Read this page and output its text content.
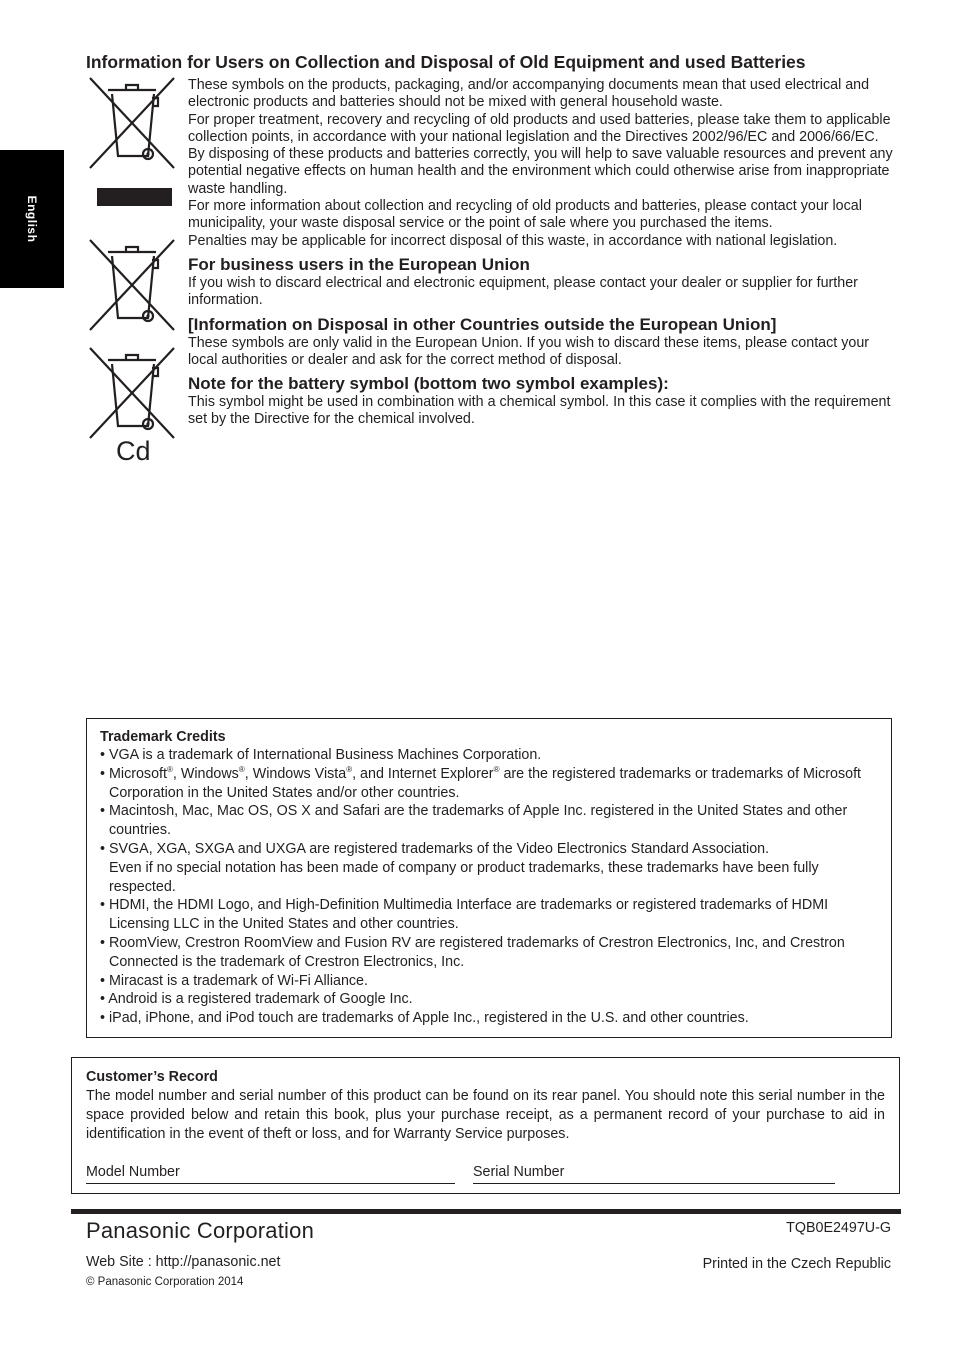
English
Information for Users on Collection and Disposal of Old Equipment and used Batteries
Cd

These symbols on the products, packaging, and/or accompanying documents mean that used electrical and electronic products and batteries should not be mixed with general household waste.

For proper treatment, recovery and recycling of old products and used batteries, please take them to applicable collection points, in accordance with your national legislation and the Directives 2002/96/EC and 2006/66/EC.

By disposing of these products and batteries correctly, you will help to save valuable resources and prevent any potential negative effects on human health and the environment which could otherwise arise from inappropriate waste handling.

For more information about collection and recycling of old products and batteries, please contact your local municipality, your waste disposal service or the point of sale where you purchased the items.

Penalties may be applicable for incorrect disposal of this waste, in accordance with national legislation.

For business users in the European Union

If you wish to discard electrical and electronic equipment, please contact your dealer or supplier for further information.

[Information on Disposal in other Countries outside the European Union]

These symbols are only valid in the European Union. If you wish to discard these items, please contact your local authorities or dealer and ask for the correct method of disposal.

Note for the battery symbol (bottom two symbol examples):

This symbol might be used in combination with a chemical symbol. In this case it complies with the requirement set by the Directive for the chemical involved.

Trademark Credits

• VGA is a trademark of International Business Machines Corporation.
• Microsoft®, Windows®, Windows Vista®, and Internet Explorer® are the registered trademarks or trademarks of Microsoft Corporation in the United States and/or other countries.
• Macintosh, Mac, Mac OS, OS X and Safari are the trademarks of Apple Inc. registered in the United States and other countries.
• SVGA, XGA, SXGA and UXGA are registered trademarks of the Video Electronics Standard Association.
Even if no special notation has been made of company or product trademarks, these trademarks have been fully respected.
• HDMI, the HDMI Logo, and High-Definition Multimedia Interface are trademarks or registered trademarks of HDMI Licensing LLC in the United States and other countries.
• RoomView, Crestron RoomView and Fusion RV are registered trademarks of Crestron Electronics, Inc, and Crestron Connected is the trademark of Crestron Electronics, Inc.
• Miracast is a trademark of Wi-Fi Alliance.
• Android is a registered trademark of Google Inc.
• iPad, iPhone, and iPod touch are trademarks of Apple Inc., registered in the U.S. and other countries.

Customer’s Record

The model number and serial number of this product can be found on its rear panel. You should note this serial number in the space provided below and retain this book, plus your purchase receipt, as a permanent record of your purchase to aid in identification in the event of theft or loss, and for Warranty Service purposes.

Model Number	Serial Number
Panasonic Corporation	TQB0E2497U-G
Web Site : http://panasonic.net
© Panasonic Corporation 2014
Printed in the Czech Republic
